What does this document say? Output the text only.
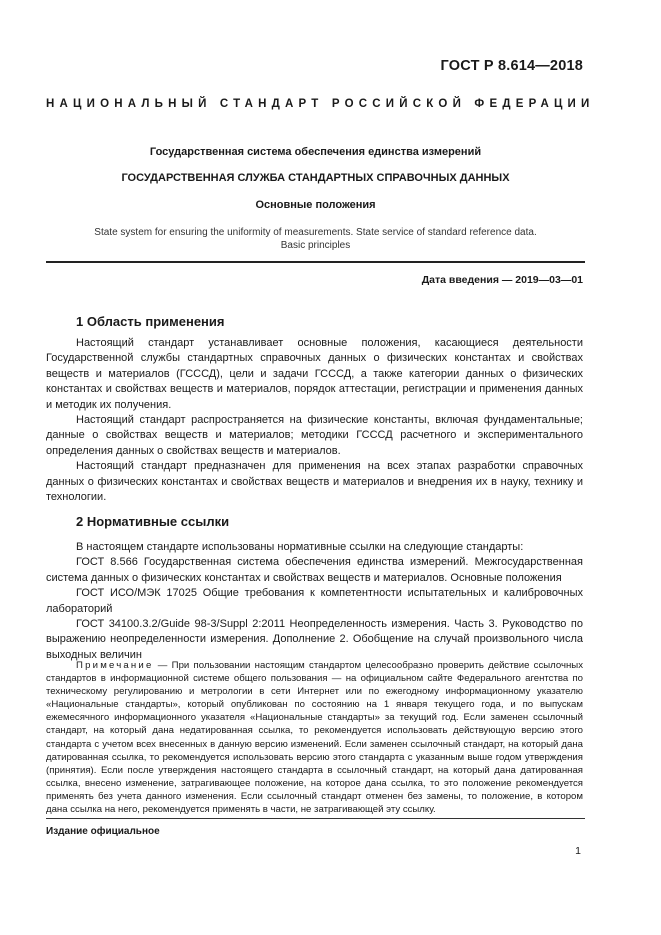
ГОСТ Р 8.614—2018
НАЦИОНАЛЬНЫЙ СТАНДАРТ РОССИЙСКОЙ ФЕДЕРАЦИИ
Государственная система обеспечения единства измерений
ГОСУДАРСТВЕННАЯ СЛУЖБА СТАНДАРТНЫХ СПРАВОЧНЫХ ДАННЫХ
Основные положения
State system for ensuring the uniformity of measurements. State service of standard reference data.
Basic principles
Дата введения — 2019—03—01
1 Область применения

Настоящий стандарт устанавливает основные положения, касающиеся деятельности Государственной службы стандартных справочных данных о физических константах и свойствах веществ и материалов (ГСССД), цели и задачи ГСССД, а также категории данных о физических константах и свойствах веществ и материалов, порядок аттестации, регистрации и применения данных и методик их получения.

Настоящий стандарт распространяется на физические константы, включая фундаментальные; данные о свойствах веществ и материалов; методики ГСССД расчетного и экспериментального определения данных о свойствах веществ и материалов.

Настоящий стандарт предназначен для применения на всех этапах разработки справочных данных о физических константах и свойствах веществ и материалов и внедрения их в науку, технику и технологии.

2 Нормативные ссылки

В настоящем стандарте использованы нормативные ссылки на следующие стандарты:

ГОСТ 8.566 Государственная система обеспечения единства измерений. Межгосударственная система данных о физических константах и свойствах веществ и материалов. Основные положения

ГОСТ ИСО/МЭК 17025 Общие требования к компетентности испытательных и калибровочных лабораторий

ГОСТ 34100.3.2/Guide 98-3/Suppl 2:2011 Неопределенность измерения. Часть 3. Руководство по выражению неопределенности измерения. Дополнение 2. Обобщение на случай произвольного числа выходных величин

Примечание — При пользовании настоящим стандартом целесообразно проверить действие ссылочных стандартов в информационной системе общего пользования — на официальном сайте Федерального агентства по техническому регулированию и метрологии в сети Интернет или по ежегодному информационному указателю «Национальные стандарты», который опубликован по состоянию на 1 января текущего года, и по выпускам ежемесячного информационного указателя «Национальные стандарты» за текущий год. Если заменен ссылочный стандарт, на который дана недатированная ссылка, то рекомендуется использовать действующую версию этого стандарта с учетом всех внесенных в данную версию изменений. Если заменен ссылочный стандарт, на который дана датированная ссылка, то рекомендуется использовать версию этого стандарта с указанным выше годом утверждения (принятия). Если после утверждения настоящего стандарта в ссылочный стандарт, на который дана датированная ссылка, внесено изменение, затрагивающее положение, на которое дана ссылка, то это положение рекомендуется применять без учета данного изменения. Если ссылочный стандарт отменен без замены, то положение, в котором дана ссылка на него, рекомендуется применять в части, не затрагивающей эту ссылку.
Издание официальное
1
